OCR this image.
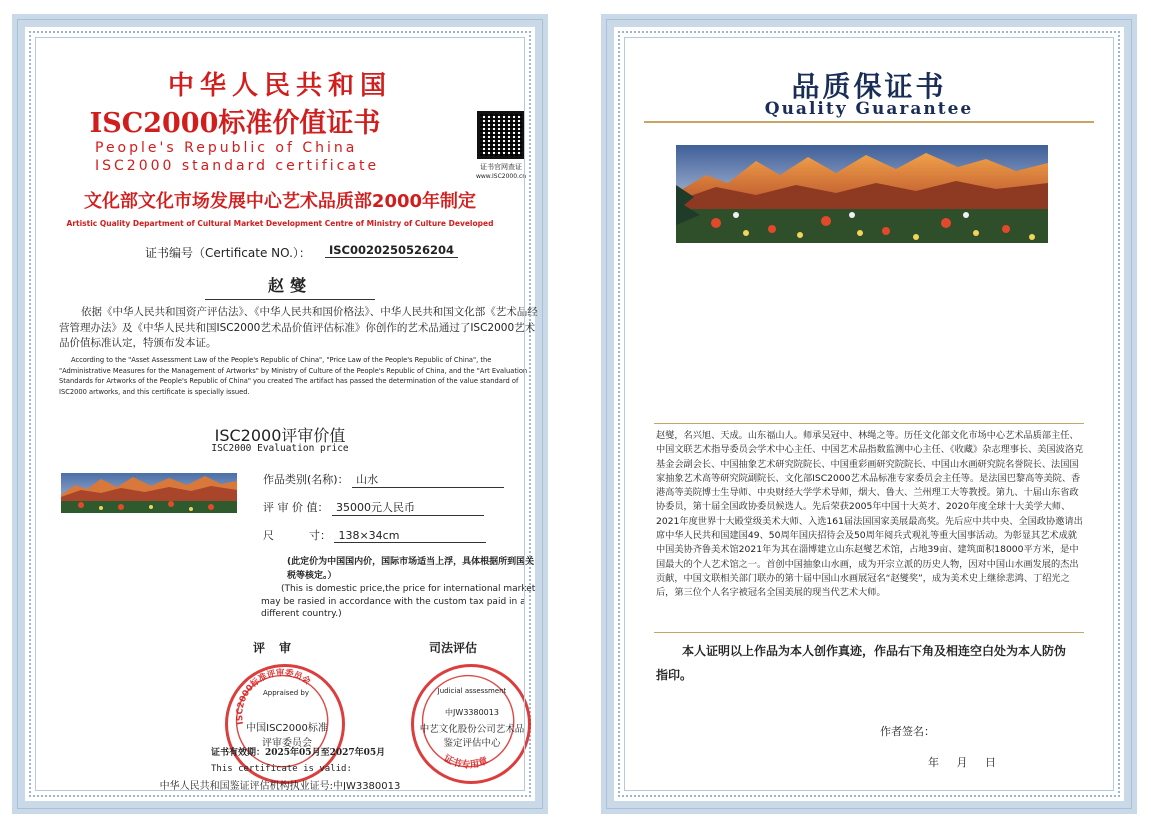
中华人民共和国
ISC2000标准价值证书
People's Republic of China
ISC2000 standard certificate	证书官网查证
www.ISC2000.cn
文化部文化市场发展中心艺术品质部2000年制定
Artistic Quality Department of Cultural Market Development Centre of Ministry of Culture Developed
证书编号（Certificate NO.）：	ISC0020250526204
赵燮
依据《中华人民共和国资产评估法》、《中华人民共和国价格法》、中华人民共和国文化部《艺术品经营管理办法》及《中华人民共和国ISC2000艺术品价值评估标准》你创作的艺术品通过了ISC2000艺术品价值标准认定，特颁布发本证。
According to the "Asset Assessment Law of the People's Republic of China", "Price Law of the People's Republic of China", the "Administrative Measures for the Management of Artworks" by Ministry of Culture of the People's Republic of China, and the "Art Evaluation Standards for Artworks of the People's Republic of China" you created The artifact has passed the determination of the value standard of ISC2000 artworks, and this certificate is specially issued.
ISC2000评审价值
ISC2000 Evaluation price
作品类别(名称)： 山水
评 审 价 值： 35000元人民币
尺          寸： 138×34cm
(此定价为中国国内价，国际市场适当上浮，具体根据所到国关税等核定。）
(This is domestic price,the price for international market may be rasied in accordance with the custom tax paid in a different country.)
评审	司法评估
ISC2000标准评审委员会
Appraised by
中国ISC2000标准评审委员会
证书专用章
Judicial assessment
中JW3380013
中艺文化股份公司艺术品鉴定评估中心
证书有效期：2025年05月至2027年05月
This certificate is valid:
中华人民共和国鉴证评估机构执业证号:中JW3380013
品质保证书
Quality Guarantee
赵燮，名兴旭、天成。山东福山人。师承吴冠中、林绳之等。历任文化部文化市场中心艺术品质部主任、中国文联艺术指导委员会学术中心主任、中国艺术品指数监测中心主任、《收藏》杂志理事长、美国波洛克基金会副会长、中国抽象艺术研究院院长、中国重彩画研究院院长、中国山水画研究院名誉院长、法国国家抽象艺术高等研究院副院长、文化部ISC2000艺术品标准专家委员会主任等。是法国巴黎高等美院、香港高等美院博士生导师、中央财经大学学术导师，烟大、鲁大、兰州理工大等教授。第九、十届山东省政协委员，第十届全国政协委员候选人。先后荣获2005年中国十大英才、2020年度全球十大美学大师、2021年度世界十大殿堂级美术大师、入选161届法国国家美展最高奖。先后应中共中央、全国政协邀请出席中华人民共和国建国49、50周年国庆招待会及50周年阅兵式观礼等重大国事活动。为彰显其艺术成就中国美协齐鲁美术馆2021年为其在淄博建立山东赵燮艺术馆，占地39亩、建筑面积18000平方米，是中国最大的个人艺术馆之一。首创中国抽象山水画，成为开宗立派的历史人物，因对中国山水画发展的杰出贡献，中国文联相关部门联办的第十届中国山水画展冠名“赵燮奖”，成为美术史上继徐悲鸿、丁绍光之后，第三位个人名字被冠名全国美展的现当代艺术大师。
本人证明以上作品为本人创作真迹，作品右下角及相连空白处为本人防伪指印。
作者签名：
年 月 日
